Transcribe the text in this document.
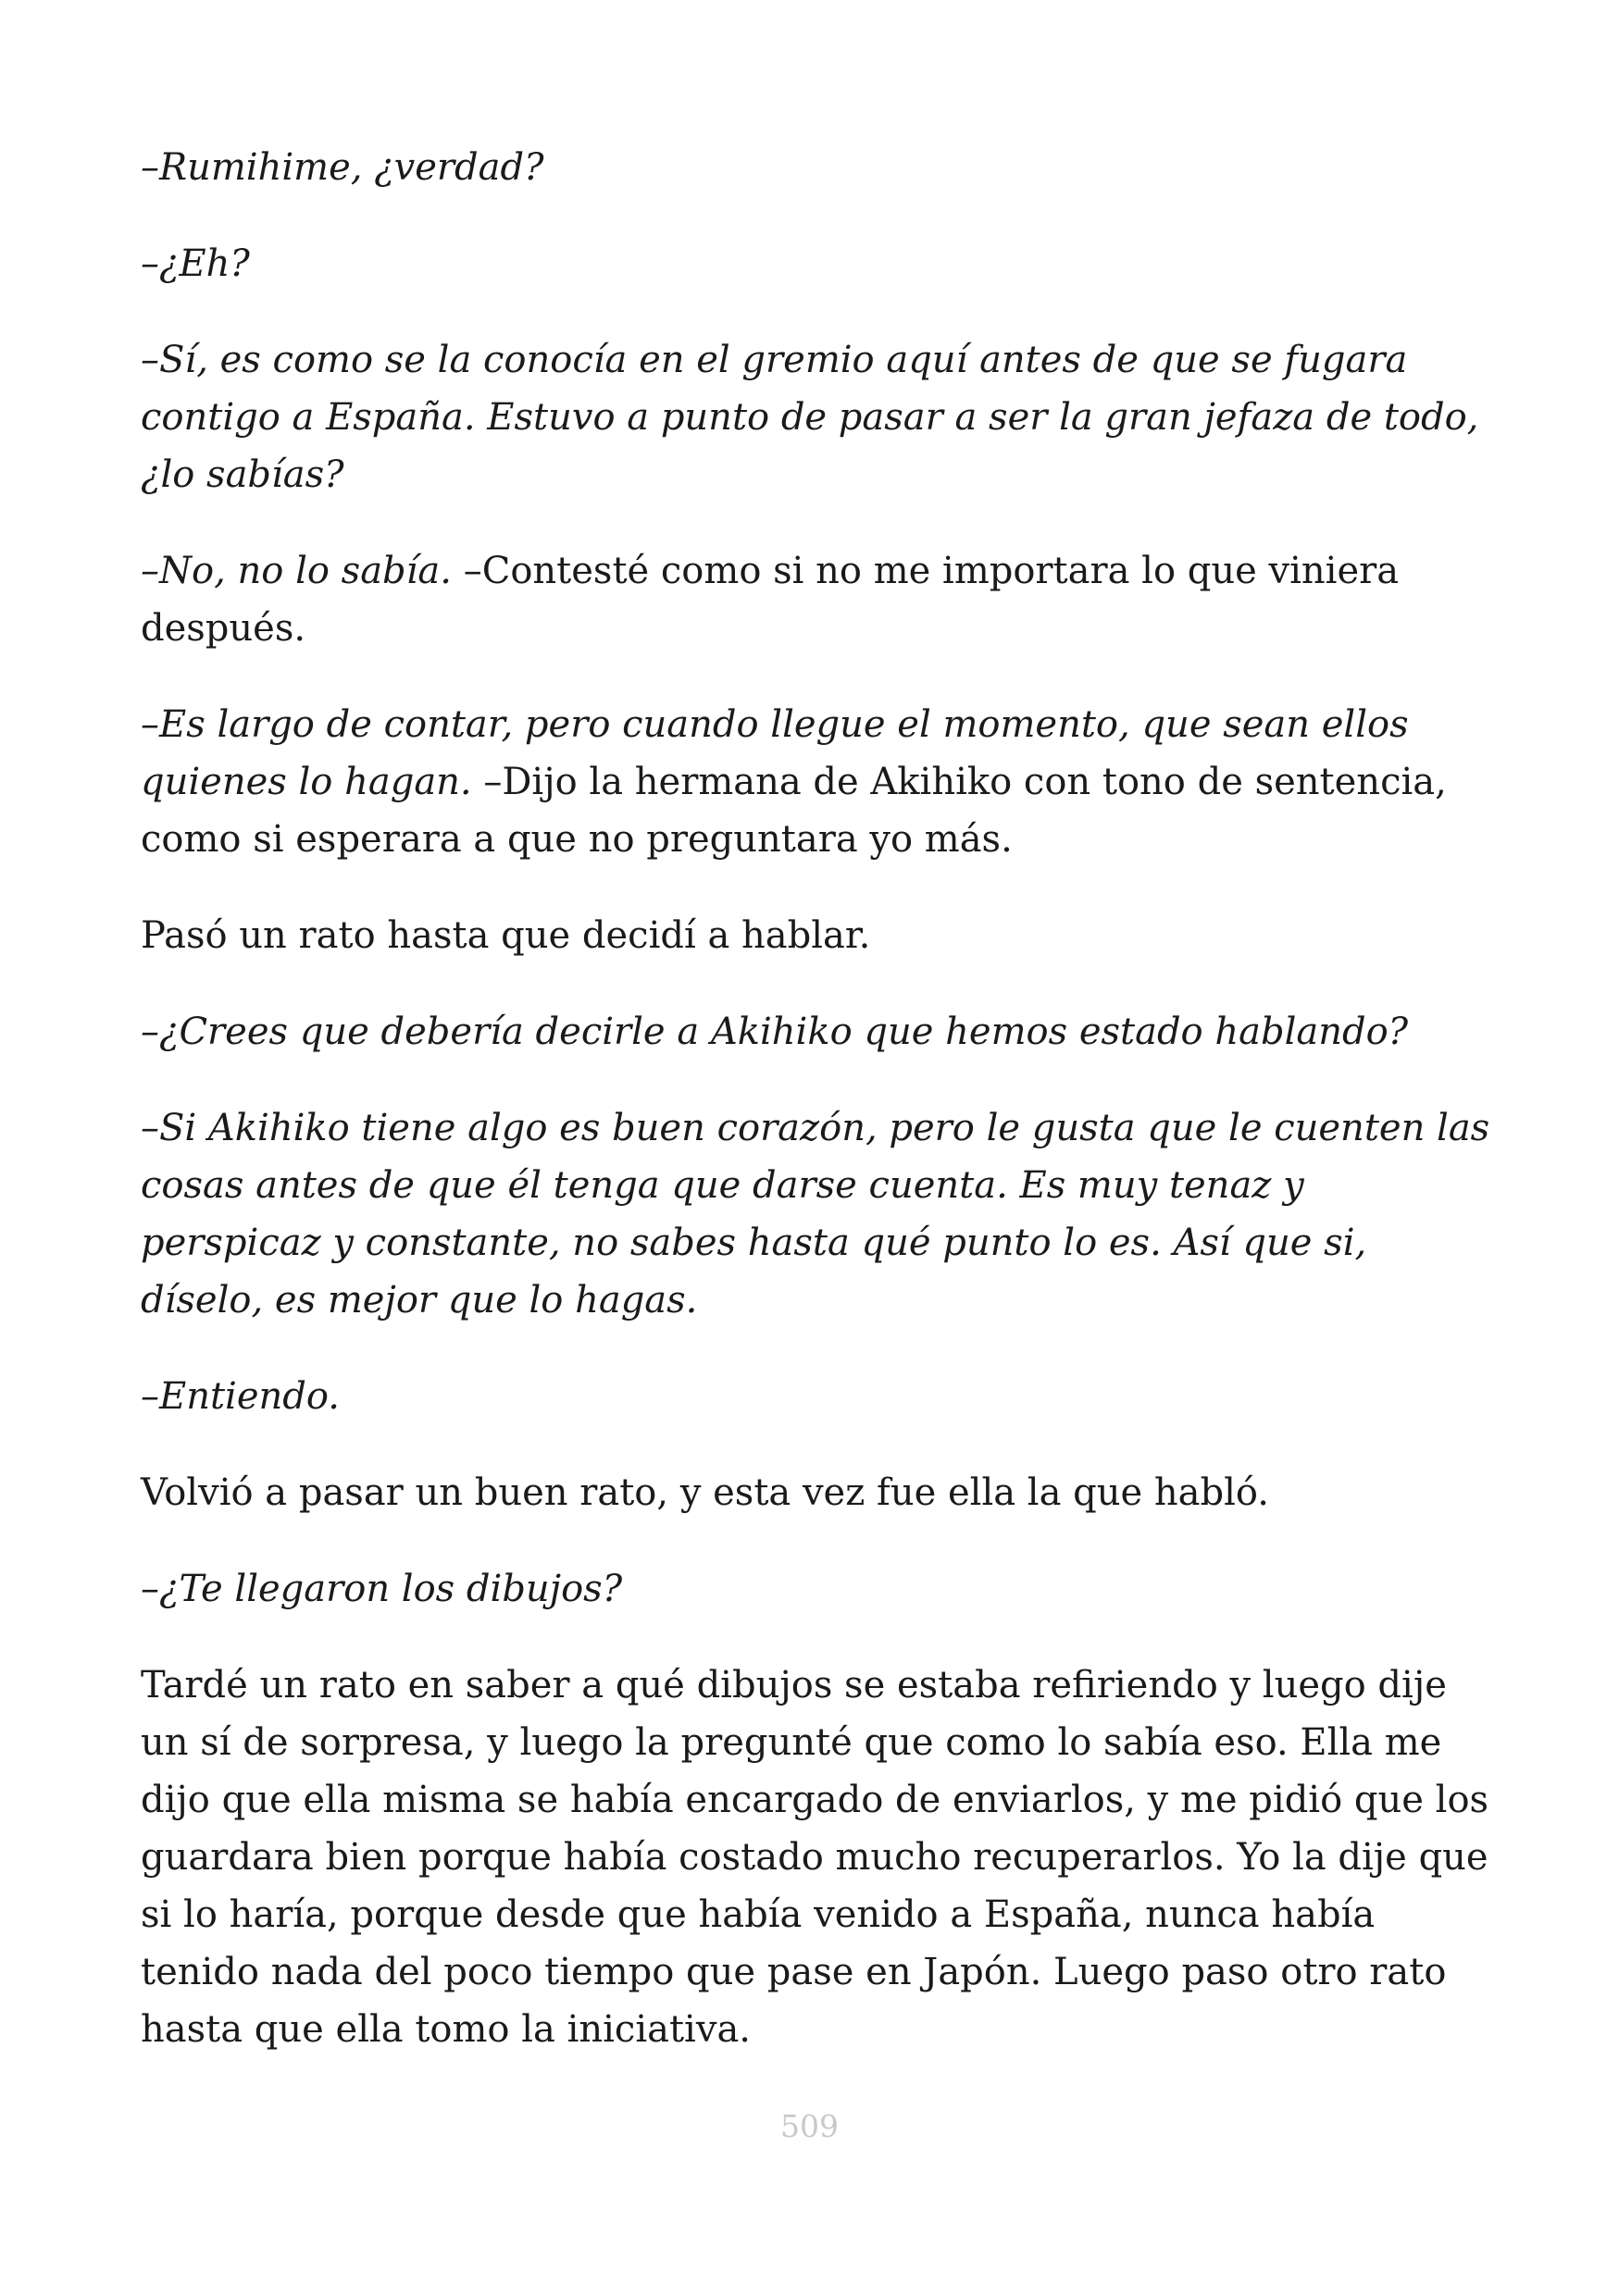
–Rumihime, ¿verdad?

–¿Eh?

–Sí, es como se la conocía en el gremio aquí antes de que se fugara contigo a España. Estuvo a punto de pasar a ser la gran jefaza de todo, ¿lo sabías?

–No, no lo sabía. –Contesté como si no me importara lo que viniera después.

–Es largo de contar, pero cuando llegue el momento, que sean ellos quienes lo hagan. –Dijo la hermana de Akihiko con tono de sentencia, como si esperara a que no preguntara yo más.

Pasó un rato hasta que decidí a hablar.

–¿Crees que debería decirle a Akihiko que hemos estado hablando?

–Si Akihiko tiene algo es buen corazón, pero le gusta que le cuenten las cosas antes de que él tenga que darse cuenta. Es muy tenaz y perspicaz y constante, no sabes hasta qué punto lo es. Así que si, díselo, es mejor que lo hagas.

–Entiendo.

Volvió a pasar un buen rato, y esta vez fue ella la que habló.

–¿Te llegaron los dibujos?

Tardé un rato en saber a qué dibujos se estaba refiriendo y luego dije un sí de sorpresa, y luego la pregunté que como lo sabía eso. Ella me dijo que ella misma se había encargado de enviarlos, y me pidió que los guardara bien porque había costado mucho recuperarlos. Yo la dije que si lo haría, porque desde que había venido a España, nunca había tenido nada del poco tiempo que pase en Japón. Luego paso otro rato hasta que ella tomo la iniciativa.

509
